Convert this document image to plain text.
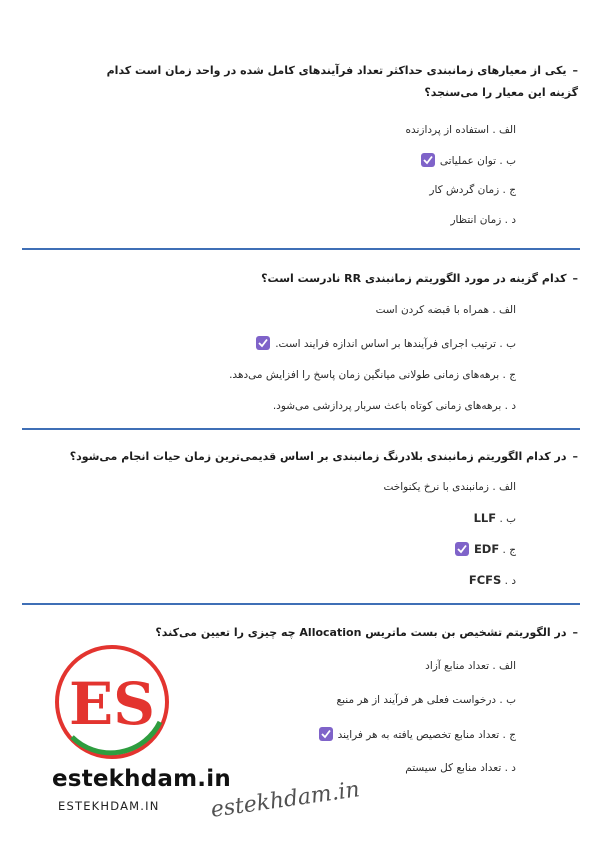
–یکی از معیارهای زمانبندی حداکثر تعداد فرآیندهای کامل شده در واحد زمان است کدام
گزینه این معیار را می‌سنجد؟
الف . استفاده از پردازنده
ب . توان عملیاتی
ج . زمان گردش کار
د . زمان انتظار
–کدام گزینه در مورد الگوریتم زمانبندی RR نادرست است؟
الف . همراه با قبضه کردن است
ب . ترتیب اجرای فرآیندها بر اساس اندازه فرایند است.
ج . برهه‌های زمانی طولانی میانگین زمان پاسخ را افزایش می‌دهد.
د . برهه‌های زمانی کوتاه باعث سربار پردازشی می‌شود.
–در کدام الگوریتم زمانبندی بلادرنگ زمانبندی بر اساس قدیمی‌ترین زمان حیات انجام می‌شود؟
الف . زمانبندی با نرخ یکنواخت
ب . LLF
ج . EDF
د . FCFS
–در الگوریتم تشخیص بن بست ماتریس Allocation چه چیزی را تعیین می‌کند؟
الف . تعداد منابع آزاد
ب . درخواست فعلی هر فرآیند از هر منبع
ج . تعداد منابع تخصیص یافته به هر فرایند
د . تعداد منابع کل سیستم
ES
estekhdam.in
ESTEKHDAM.IN estekhdam.in
